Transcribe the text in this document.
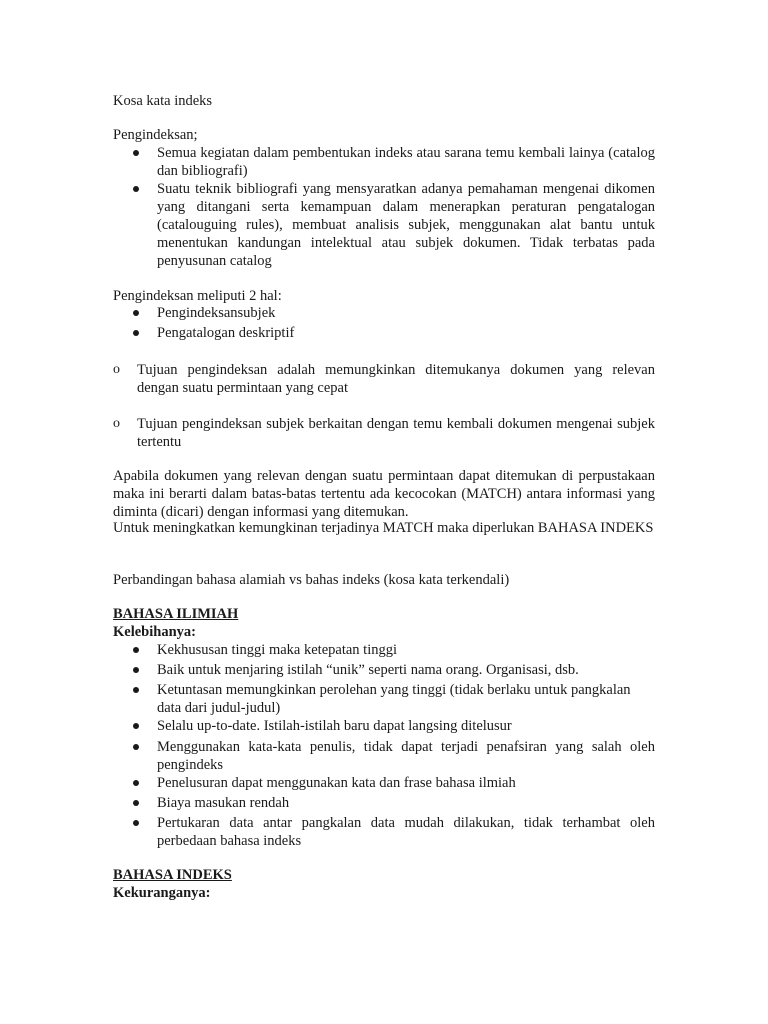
Kosa kata indeks
Pengindeksan;
Semua kegiatan dalam pembentukan indeks atau sarana temu kembali lainya (catalog dan bibliografi)
Suatu teknik bibliografi yang mensyaratkan adanya pemahaman mengenai dikomen yang ditangani serta kemampuan dalam menerapkan peraturan pengatalogan (catalouguing rules), membuat analisis subjek, menggunakan alat bantu untuk menentukan kandungan intelektual atau subjek dokumen. Tidak terbatas pada penyusunan catalog
Pengindeksan meliputi 2 hal:
Pengindeksansubjek
Pengatalogan deskriptif
o Tujuan pengindeksan adalah memungkinkan ditemukanya dokumen yang relevan dengan suatu permintaan yang cepat
o Tujuan pengindeksan subjek berkaitan dengan temu kembali dokumen mengenai subjek tertentu
Apabila dokumen yang relevan dengan suatu permintaan dapat ditemukan di perpustakaan maka ini berarti dalam batas-batas tertentu ada kecocokan (MATCH) antara informasi yang diminta (dicari) dengan informasi yang ditemukan.
Untuk meningkatkan kemungkinan terjadinya MATCH maka diperlukan BAHASA INDEKS
Perbandingan bahasa alamiah vs bahas indeks (kosa kata terkendali)
BAHASA ILIMIAH
Kelebihanya:
Kekhususan tinggi maka ketepatan tinggi
Baik untuk menjaring istilah “unik” seperti nama orang. Organisasi, dsb.
Ketuntasan memungkinkan perolehan yang tinggi (tidak berlaku untuk pangkalan data dari judul-judul)
Selalu up-to-date. Istilah-istilah baru dapat langsing ditelusur
Menggunakan kata-kata penulis, tidak dapat terjadi penafsiran yang salah oleh pengindeks
Penelusuran dapat menggunakan kata dan frase bahasa ilmiah
Biaya masukan rendah
Pertukaran data antar pangkalan data mudah dilakukan, tidak terhambat oleh perbedaan bahasa indeks
BAHASA INDEKS
Kekuranganya:
